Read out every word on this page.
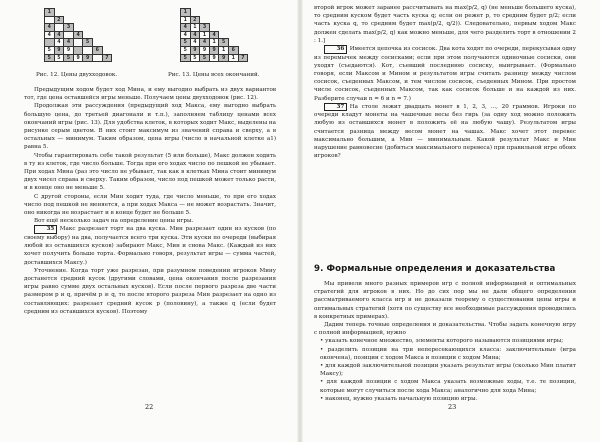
1						
	2					
4		3				
4	4		4			
	4	4		5		
5	9	9			6	
5	5	5	9	9		7
1						
1	2					
4	1	3				
4	4	1	4			
5	4	4	1	5		
5	9	9	9	1	6	
5	5	5	9	9	1	7
Рис. 12. Цены двухходовок.	Рис. 13. Цены всех окончаний.

Предыдущим ходом будет ход Мина, и ему выгодно выбрать из двух вариантов тот, где цена оставшейся игры меньше. Получаем цены двухходовок (рис. 12).

Продолжая эти рассуждения (предыдущий ход Макса, ему выгодно выбрать большую цена, до третьей диагонали и т.п.), заполняем таблицу ценами всех окончаний игры (рис. 13). Для удобства клеток, в которых ходит Макс, выделены на рисунке серым цветом. В них стоит максимум из значений справа и сверху, а в остальных — минимум. Таким образом, цена игры (число в начальной клетке a1) равна 5.

Чтобы гарантировать себе такой результат (5 или больше), Макс должен ходить в ту из клеток, где число больше. Тогда при его ходах число по пешкой не убывает. При ходах Мина (раз это число не убывает, так как в клетках Мина стоит минимум двух чисел справа и сверху. Таким образом, число под пешкой может только расти, и в конце оно не меньше 5.

С другой стороны, если Мин ходит туда, где число меньше, то при его ходах число под пешкой не меняется, а при ходах Макса — не может возрастать. Значит, оно никогда не возрастает и в конце будет не больше 5.

Вот ещё несколько задач на определение цены игры.

35 Макс разрезает торт на два куска. Мин разрезает один из кусков (по своему выбору) на два, получается всего три куска. Эти куски по очереди (выбирая любой из оставшихся кусков) забирают Макс, Мин и снова Макс. (Каждый из них хочет получить больше торта. Формально говоря, результат игры — сумма частей, доставшихся Максу.)

Уточнение. Когда торт уже разрезан, при разумном поведении игроков Мину достанется средний кусок (другими словами, цена окончания после разрезания игры равно сумме двух остальных кусков). Если после первого разреза две части размером p и q, причём p ≥ q, то после второго разреза Мин разрезает на одно из составляющих: разрезает средний кусок p (половину), а также q (если будет средним из оставшихся кусков). Поэтому

22

второй игрок может заранее рассчитывать на max(p/2, q) (не меньше большего куска), то средним куском будет часть куска q; если он режет p, то средним будет p/2; если часть куска q, то средним будет max(p/2, q/2)). Следовательно, первым ходом Макс должен сделать max(p/2, q) как можно меньше, для чего разделить торт в отношении 2 : 1.]

36 Имеется цепочка из сосисок. Два кота ходят по очереди, перекусывая одну из перемычек между сосисками; если при этом получаются одиночные сосиски, они уходят (съедаются). Кот, съевший последнюю сосиску, выигрывает. (Формально говоря, если Максом и Мином и результатом игры считать разницу между числом сосисок, съеденных Максом, и тем числом сосисок, съеденных Мином. При простом числе сосисок, съеденных Максом, так как сосисок больше и на каждой из них. Разберите случаи n = 6 и n = 7.)

37 На столе лежит двадцать монет в 1, 2, 3, …, 20 граммов. Игроки по очереди кладут монеты на чашечные весы без гирь (за одну ход можно положить любую из оставшихся монет в положить её на любую чашу). Результатом игры считается разница между весом монет на чашах. Макс хочет этот перевес максимально большим, а Мин — минимальным. Какой результат Макс и Мин нарушение равновесие (добиться максимального перевеса) при правильной игре обоих игроков?

9. Формальные определения и доказательства

Мы привели много разных примеров игр с полной информацией и оптимальных стратегий для игроков в них. Но до сих пор мы не дали общего определения рассматриваемого класса игр и не доказали теорему о существовании цены игры и оптимальных стратегий (хотя по существу все необходимые рассуждения проводились в конкретных примерах).

Дадим теперь точные определения и доказательства. Чтобы задать конечную игру с полной информацией, нужно

• указать конечное множество, элементы которого называются позициями игры;

• разделить позиции на три непересекающихся класса: заключительные (игра окончена), позиции с ходом Макса и позиции с ходом Мина;

• для каждой заключительной позиции указать результат игры (сколько Мин платит Максу);

• для каждой позиции с ходом Макса указать возможные ходы, т.е. те позиции, которые могут случиться после хода Макса; аналогично для хода Мина;

• наконец, нужно указать начальную позицию игры.

23
